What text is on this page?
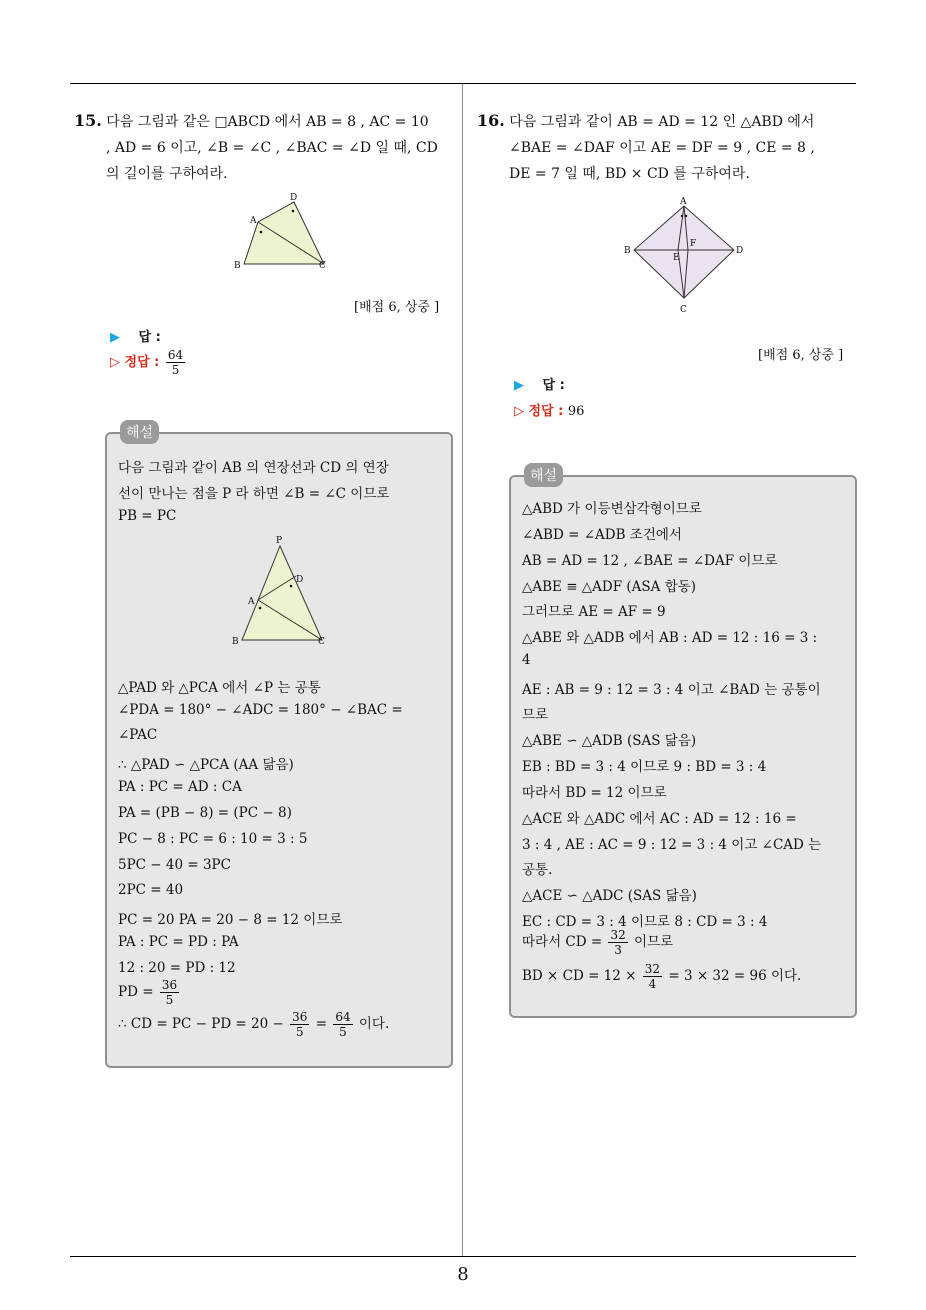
8
15. 다음 그림과 같은 □ABCD 에서 AB = 8 , AC = 10
, AD = 6 이고, ∠B = ∠C , ∠BAC = ∠D 일 때, CD
의 길이를 구하여라.
A
B	C
D
[배점 6, 상중 ]
▶ 답 :
▷ 정답 : $\frac{64}{5}$
해설
다음 그림과 같이 AB 의 연장선과 CD 의 연장
선이 만나는 점을 P 라 하면 ∠B = ∠C 이므로
PB = PC
P
A
B	C
D
△PAD 와 △PCA 에서 ∠P 는 공통
∠PDA = 180° − ∠ADC = 180° − ∠BAC =
∠PAC
∴ △PAD ∽ △PCA (AA 닮음)
PA : PC = AD : CA
PA = (PB − 8) = (PC − 8)
PC − 8 : PC = 6 : 10 = 3 : 5
5PC − 40 = 3PC
2PC = 40
PC = 20 PA = 20 − 8 = 12 이므로
PA : PC = PD : PA
12 : 20 = PD : 12
PD = $\frac{36}{5}$
∴ CD = PC − PD = $20 - \frac{36}{5} = \frac{64}{5}$ 이다.
16. 다음 그림과 같이 AB = AD = 12 인 △ABD 에서
∠BAE = ∠DAF 이고 AE = DF = 9 , CE = 8 ,
DE = 7 일 때, BD × CD 를 구하여라.
A
B
C
D
E
F
[배점 6, 상중 ]
▶ 답 :
▷ 정답 : 96
해설
△ABD 가 이등변삼각형이므로
∠ABD = ∠ADB 조건에서
AB = AD = 12 , ∠BAE = ∠DAF 이므로
△ABE ≡ △ADF (ASA 합동)
그러므로 AE = AF = 9
△ABE 와 △ADB 에서 AB : AD = 12 : 16 = 3 :
4
AE : AB = 9 : 12 = 3 : 4 이고 ∠BAD 는 공통이
므로
△ABE ∽ △ADB (SAS 닮음)
EB : BD = 3 : 4 이므로 9 : BD = 3 : 4
따라서 BD = 12 이므로
△ACE 와 △ADC 에서 AC : AD = 12 : 16 =
3 : 4 , AE : AC = 9 : 12 = 3 : 4 이고 ∠CAD 는
공통.
△ACE ∽ △ADC (SAS 닮음)
EC : CD = 3 : 4 이므로 8 : CD = 3 : 4
따라서 CD = $\frac{32}{3}$ 이므로
BD × CD = $12 \times \frac{32}{4} = 3 \times 32 = 96$ 이다.
